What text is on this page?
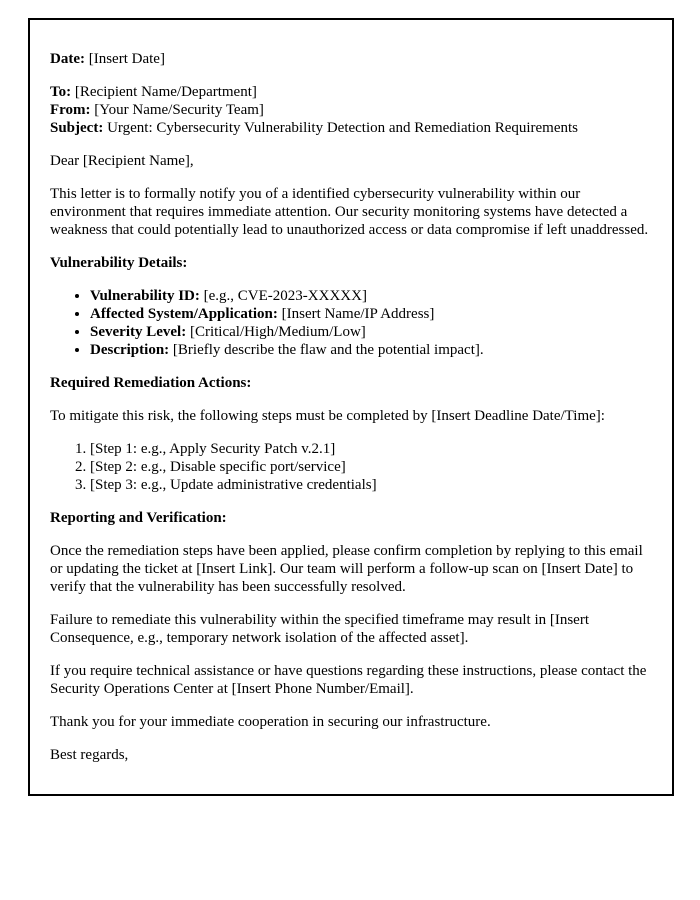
Date: [Insert Date]

To: [Recipient Name/Department]

From: [Your Name/Security Team]

Subject: Urgent: Cybersecurity Vulnerability Detection and Remediation Requirements

Dear [Recipient Name],

This letter is to formally notify you of a identified cybersecurity vulnerability within our environment that requires immediate attention. Our security monitoring systems have detected a weakness that could potentially lead to unauthorized access or data compromise if left unaddressed.

Vulnerability Details:

• Vulnerability ID: [e.g., CVE-2023-XXXXX]
• Affected System/Application: [Insert Name/IP Address]
• Severity Level: [Critical/High/Medium/Low]
• Description: [Briefly describe the flaw and the potential impact].

Required Remediation Actions:

To mitigate this risk, the following steps must be completed by [Insert Deadline Date/Time]:

1. [Step 1: e.g., Apply Security Patch v.2.1]
2. [Step 2: e.g., Disable specific port/service]
3. [Step 3: e.g., Update administrative credentials]

Reporting and Verification:

Once the remediation steps have been applied, please confirm completion by replying to this email or updating the ticket at [Insert Link]. Our team will perform a follow-up scan on [Insert Date] to verify that the vulnerability has been successfully resolved.

Failure to remediate this vulnerability within the specified timeframe may result in [Insert Consequence, e.g., temporary network isolation of the affected asset].

If you require technical assistance or have questions regarding these instructions, please contact the Security Operations Center at [Insert Phone Number/Email].

Thank you for your immediate cooperation in securing our infrastructure.

Best regards,
